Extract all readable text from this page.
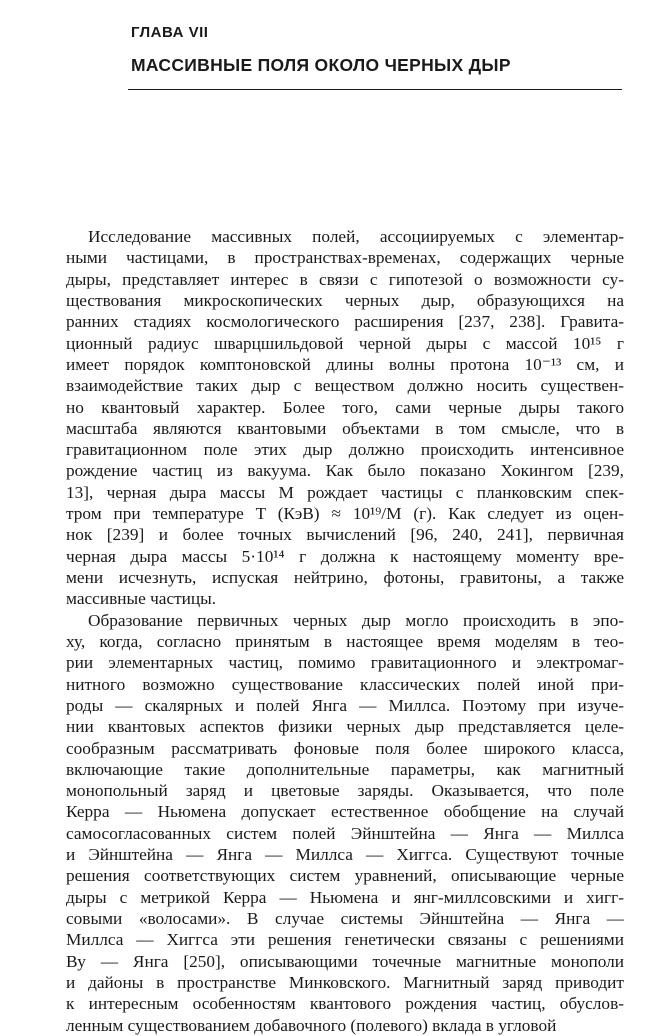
ГЛАВА VII
МАССИВНЫЕ ПОЛЯ ОКОЛО ЧЕРНЫХ ДЫР
Исследование массивных полей, ассоциируемых с элементар-
ными частицами, в пространствах-временах, содержащих черные
дыры, представляет интерес в связи с гипотезой о возможности су-
ществования микроскопических черных дыр, образующихся на
ранних стадиях космологического расширения [237, 238]. Гравита-
ционный радиус шварцшильдовой черной дыры с массой 10¹⁵ г
имеет порядок комптоновской длины волны протона 10⁻¹³ см, и
взаимодействие таких дыр с веществом должно носить существен-
но квантовый характер. Более того, сами черные дыры такого
масштаба являются квантовыми объектами в том смысле, что в
гравитационном поле этих дыр должно происходить интенсивное
рождение частиц из вакуума. Как было показано Хокингом [239,
13], черная дыра массы M рождает частицы с планковским спек-
тром при температуре T (КэВ) ≈ 10¹⁹/M (г). Как следует из оцен-
нок [239] и более точных вычислений [96, 240, 241], первичная
черная дыра массы 5·10¹⁴ г должна к настоящему моменту вре-
мени исчезнуть, испуская нейтрино, фотоны, гравитоны, а также
массивные частицы.
Образование первичных черных дыр могло происходить в эпо-
ху, когда, согласно принятым в настоящее время моделям в тео-
рии элементарных частиц, помимо гравитационного и электромаг-
нитного возможно существование классических полей иной при-
роды — скалярных и полей Янга — Миллса. Поэтому при изуче-
нии квантовых аспектов физики черных дыр представляется целе-
сообразным рассматривать фоновые поля более широкого класса,
включающие такие дополнительные параметры, как магнитный
монопольный заряд и цветовые заряды. Оказывается, что поле
Керра — Ньюмена допускает естественное обобщение на случай
самосогласованных систем полей Эйнштейна — Янга — Миллса
и Эйнштейна — Янга — Миллса — Хиггса. Существуют точные
решения соответствующих систем уравнений, описывающие черные
дыры с метрикой Керра — Ньюмена и янг-миллсовскими и хигг-
совыми «волосами». В случае системы Эйнштейна — Янга —
Миллса — Хиггса эти решения генетически связаны с решениями
Ву — Янга [250], описывающими точечные магнитные монополи
и дайоны в пространстве Минковского. Магнитный заряд приводит
к интересным особенностям квантового рождения частиц, обуслов-
ленным существованием добавочного (полевого) вклада в угловой
